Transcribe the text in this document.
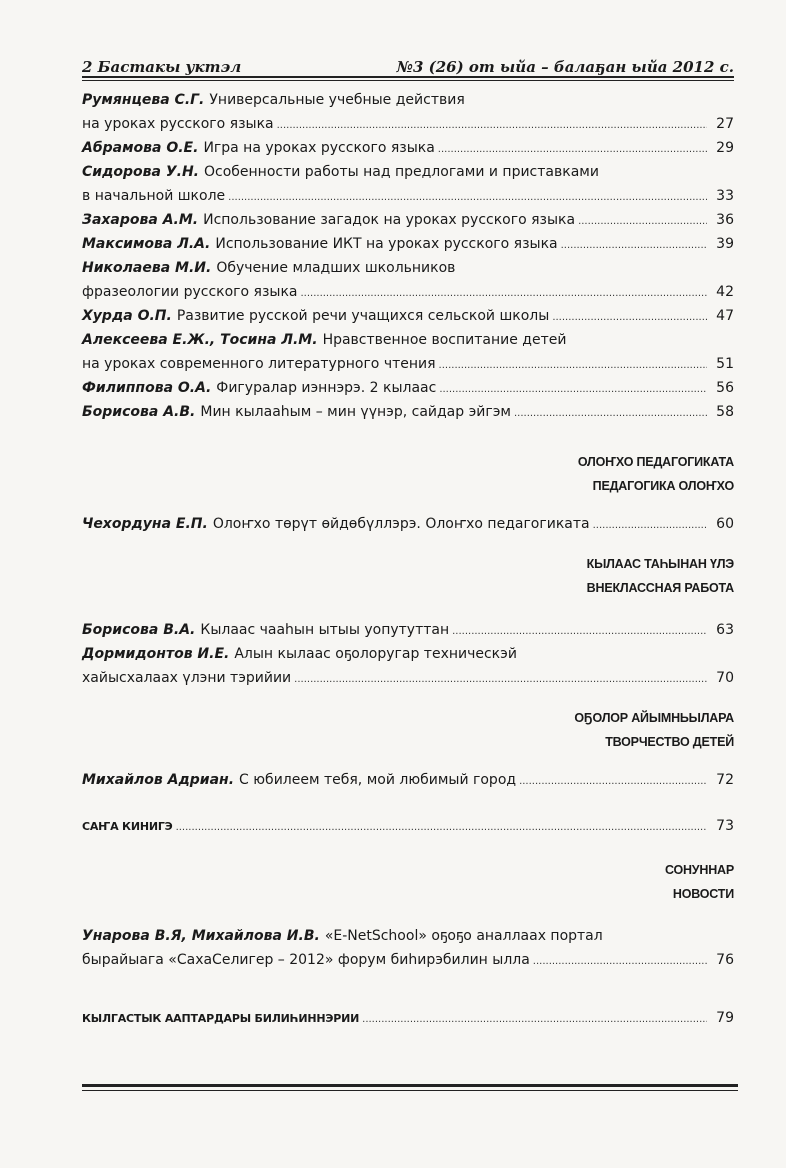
2 Бастакы уктэл	№3 (26) от ыйа – балаҕан ыйа 2012 с.
Румянцева С.Г. Универсальные учебные действия
на уроках русского языка .....	27
Абрамова О.Е. Игра на уроках русского языка .....	29
Сидорова У.Н. Особенности работы над предлогами и приставками
в начальной школе .....	33
Захарова А.М. Использование загадок на уроках русского языка .....	36
Максимова Л.А. Использование ИКТ на уроках русского языка .....	39
Николаева М.И. Обучение младших школьников
фразеологии русского языка .....	42
Хурда О.П. Развитие русской речи учащихся сельской школы .....	47
Алексеева Е.Ж., Тосина Л.М. Нравственное воспитание детей
на уроках современного литературного чтения .....	51
Филиппова О.А. Фигуралар иэннэрэ. 2 кылаас .....	56
Борисова А.В. Мин кылааһым – мин үүнэр, сайдар эйгэм .....	58
ОЛОҤХО ПЕДАГОГИКАТА
ПЕДАГОГИКА ОЛОҤХО
Чехордуна Е.П. Олоҥхо төрүт өйдөбүллэрэ. Олоҥхо педагогиката .....	60
КЫЛААС ТАҺЫНАН ҮЛЭ
ВНЕКЛАССНАЯ РАБОТА
Борисова В.А. Кылаас чааһын ытыы уопутуттан .....	63
Дормидонтов И.Е. Алын кылаас оҕолоругар техническэй
хайысхалаах үлэни тэрийии .....	70
ОҔОЛОР АЙЫМНЬЫЛАРА
ТВОРЧЕСТВО ДЕТЕЙ
Михайлов Адриан. С юбилеем тебя, мой любимый город .....	72
САҤА КИНИГЭ .....	73
СОНУННАР
НОВОСТИ
Унарова В.Я, Михайлова И.В. «E-NetSchool» оҕоҕо аналлаах портал
бырайыага «СахаСелигер – 2012» форум биһирэбилин ылла .....	76
КЫЛГАСТЫК ААПТАРДАРЫ БИЛИҺИННЭРИИ .....	79
